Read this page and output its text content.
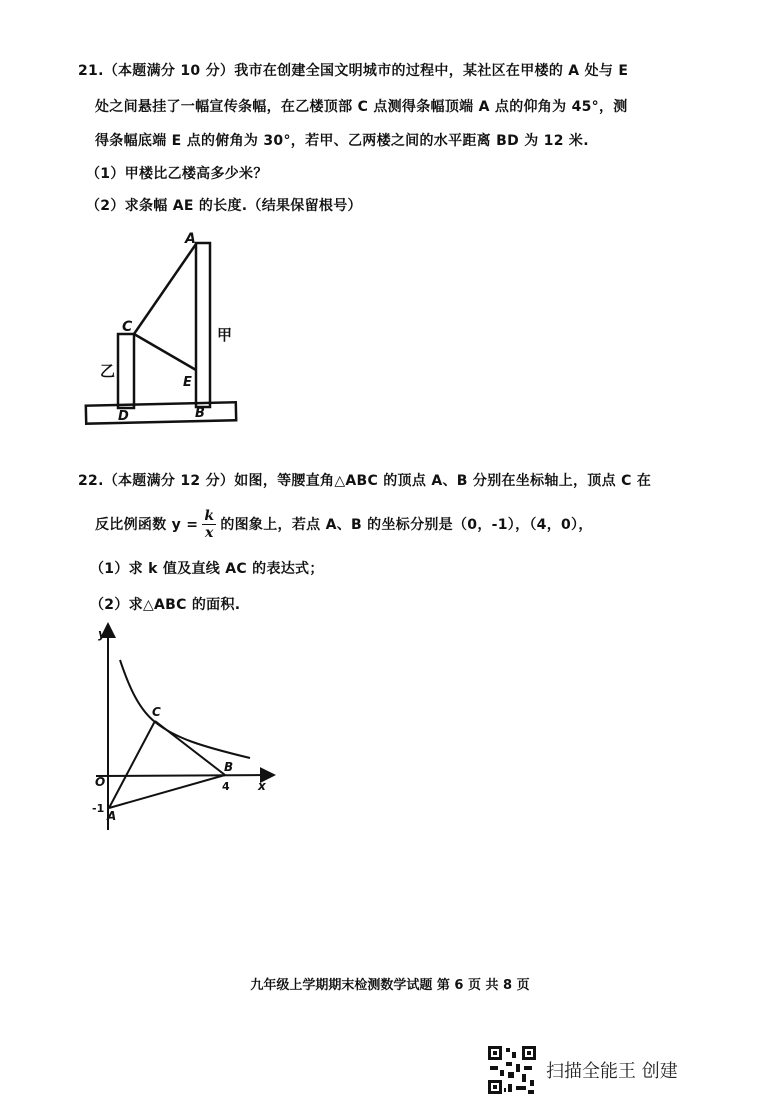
21.（本题满分 10 分）我市在创建全国文明城市的过程中，某社区在甲楼的 A 处与 E
处之间悬挂了一幅宣传条幅，在乙楼顶部 C 点测得条幅顶端 A 点的仰角为 45°，测
得条幅底端 E 点的俯角为 30°，若甲、乙两楼之间的水平距离 BD 为 12 米.
（1）甲楼比乙楼高多少米？
（2）求条幅 AE 的长度.（结果保留根号）
A
C
E
D	B
甲
乙
22.（本题满分 12 分）如图，等腰直角△ABC 的顶点 A、B 分别在坐标轴上，顶点 C 在
反比例函数 $y = \frac{k}{x}$ 的图象上，若点 A、B 的坐标分别是（0，-1），（4，0），
（1）求 k 值及直线 AC 的表达式；
（2）求△ABC 的面积.
y
x
O
C
B
A
4
-1
九年级上学期期末检测数学试题 第 6 页 共 8 页
扫描全能王 创建
